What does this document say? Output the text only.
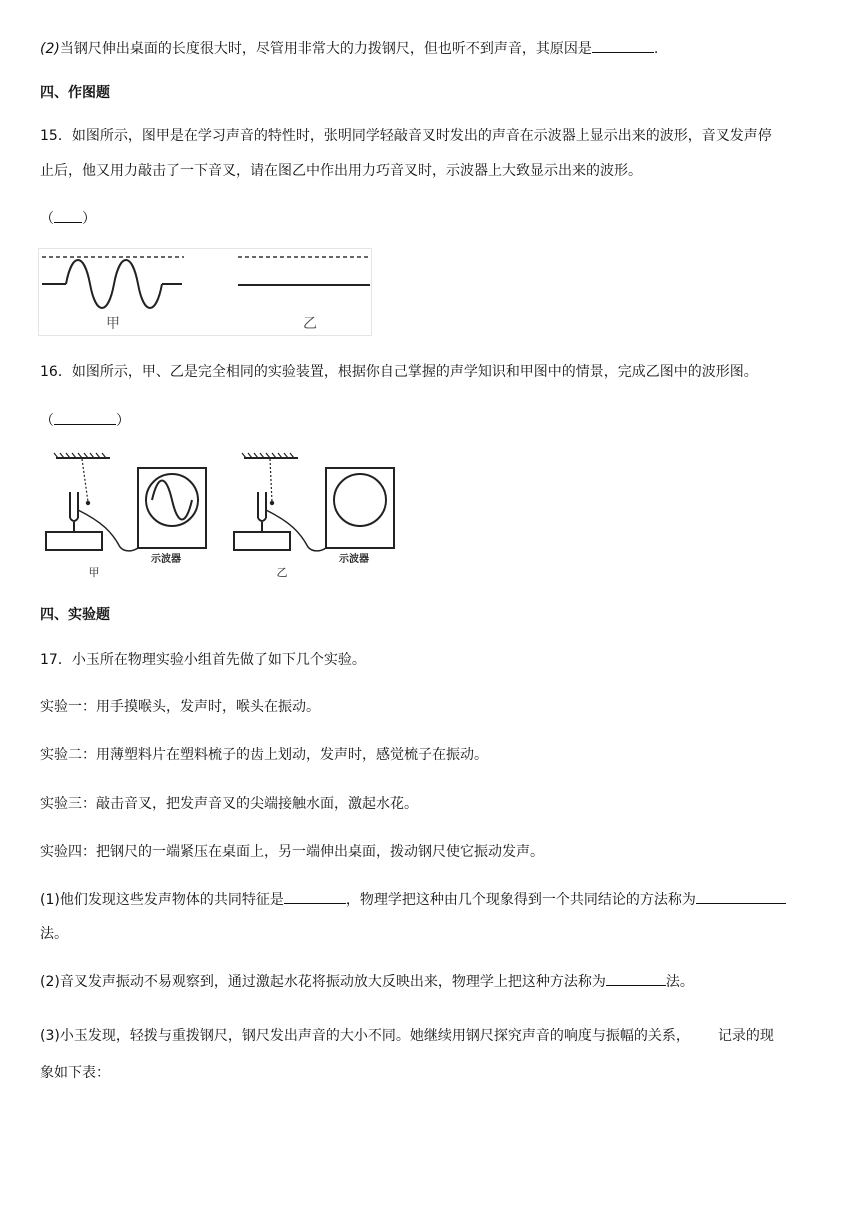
(2)当钢尺伸出桌面的长度很大时，尽管用非常大的力拨钢尺，但也听不到声音，其原因是	.
四、作图题
15．如图所示，图甲是在学习声音的特性时，张明同学轻敲音叉时发出的声音在示波器上显示出来的波形，音叉发声停
止后，他又用力敲击了一下音叉，请在图乙中作出用力巧音叉时，示波器上大致显示出来的波形。
（ ）
甲	乙
16．如图所示，甲、乙是完全相同的实验装置，根据你自己掌握的声学知识和甲图中的情景，完成乙图中的波形图。
（	）
示波器
甲
示波器
乙
四、实验题
17．小玉所在物理实验小组首先做了如下几个实验。
实验一：用手摸喉头，发声时，喉头在振动。
实验二：用薄塑料片在塑料梳子的齿上划动，发声时，感觉梳子在振动。
实验三：敲击音叉，把发声音叉的尖端接触水面，激起水花。
实验四：把钢尺的一端紧压在桌面上，另一端伸出桌面，拨动钢尺使它振动发声。
(1)他们发现这些发声物体的共同特征是	，物理学把这种由几个现象得到一个共同结论的方法称为
法。
(2)音叉发声振动不易观察到，通过激起水花将振动放大反映出来，物理学上把这种方法称为	法。
(3)小玉发现，轻拨与重拨钢尺，钢尺发出声音的大小不同。她继续用钢尺探究声音的响度与振幅的关系， 记录的现
象如下表：
